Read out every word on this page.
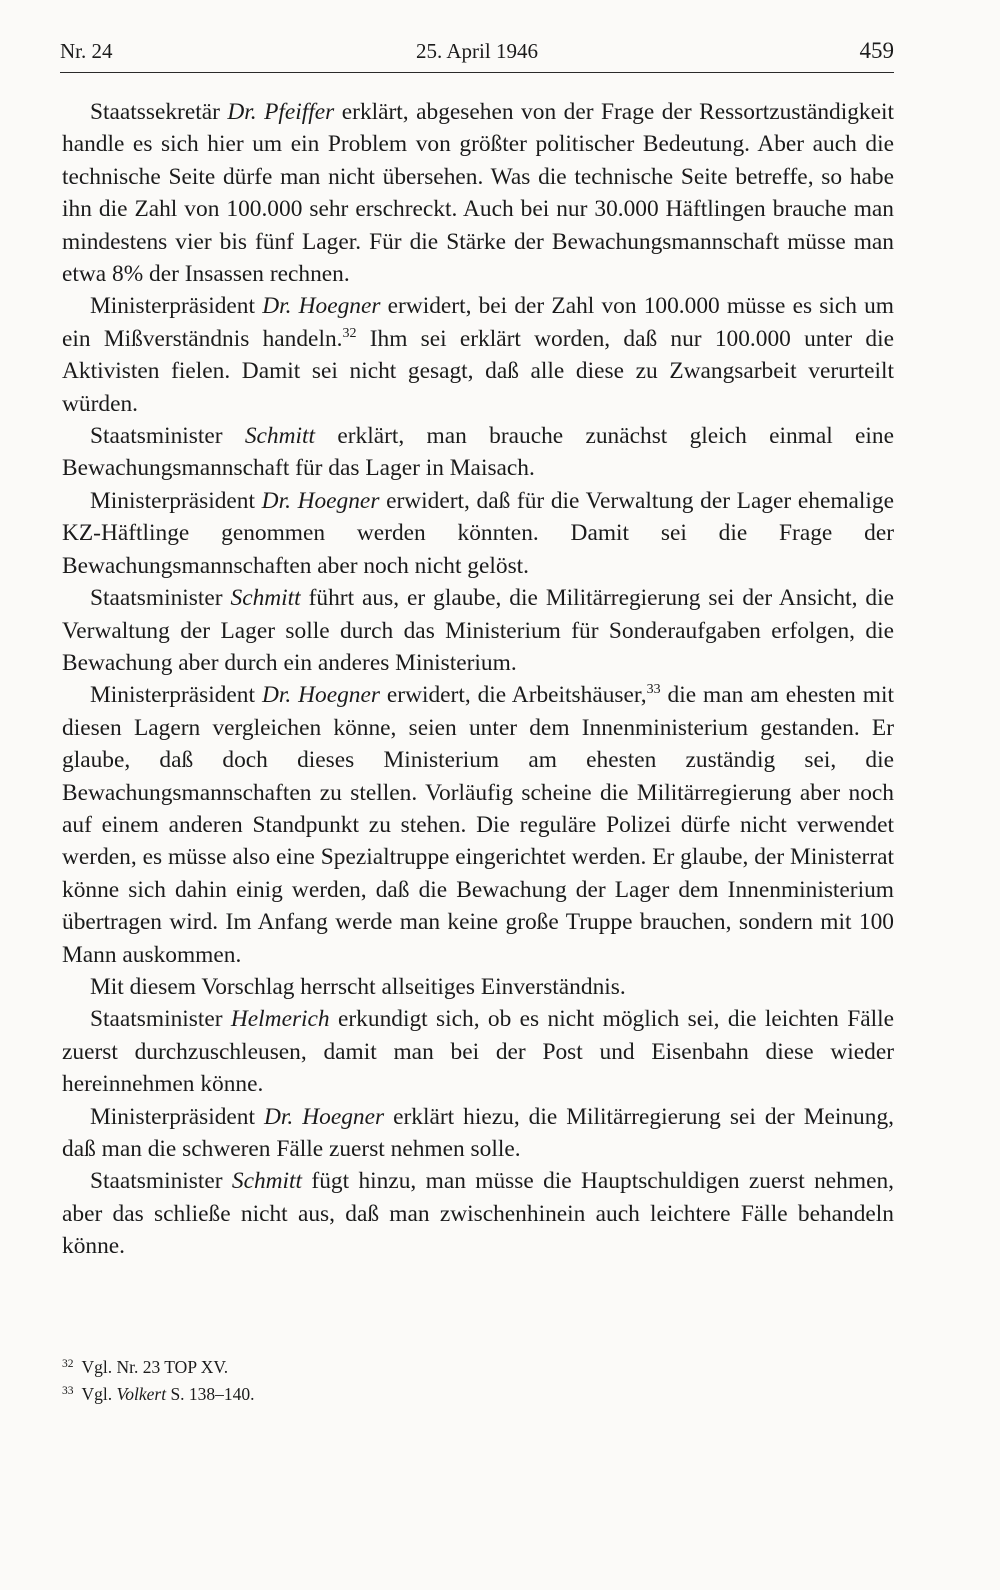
Nr. 24	25. April 1946	459

Staatssekretär Dr. Pfeiffer erklärt, abgesehen von der Frage der Ressortzuständigkeit handle es sich hier um ein Problem von größter politischer Bedeutung. Aber auch die technische Seite dürfe man nicht übersehen. Was die technische Seite betreffe, so habe ihn die Zahl von 100.000 sehr erschreckt. Auch bei nur 30.000 Häftlingen brauche man mindestens vier bis fünf Lager. Für die Stärke der Bewachungsmannschaft müsse man etwa 8% der Insassen rechnen.

Ministerpräsident Dr. Hoegner erwidert, bei der Zahl von 100.000 müsse es sich um ein Mißverständnis handeln.$^{32}$ Ihm sei erklärt worden, daß nur 100.000 unter die Aktivisten fielen. Damit sei nicht gesagt, daß alle diese zu Zwangsarbeit verurteilt würden.

Staatsminister Schmitt erklärt, man brauche zunächst gleich einmal eine Bewachungsmannschaft für das Lager in Maisach.

Ministerpräsident Dr. Hoegner erwidert, daß für die Verwaltung der Lager ehemalige KZ-Häftlinge genommen werden könnten. Damit sei die Frage der Bewachungsmannschaften aber noch nicht gelöst.

Staatsminister Schmitt führt aus, er glaube, die Militärregierung sei der Ansicht, die Verwaltung der Lager solle durch das Ministerium für Sonderaufgaben erfolgen, die Bewachung aber durch ein anderes Ministerium.

Ministerpräsident Dr. Hoegner erwidert, die Arbeitshäuser,$^{33}$ die man am ehesten mit diesen Lagern vergleichen könne, seien unter dem Innenministerium gestanden. Er glaube, daß doch dieses Ministerium am ehesten zuständig sei, die Bewachungsmannschaften zu stellen. Vorläufig scheine die Militärregierung aber noch auf einem anderen Standpunkt zu stehen. Die reguläre Polizei dürfe nicht verwendet werden, es müsse also eine Spezialtruppe eingerichtet werden. Er glaube, der Ministerrat könne sich dahin einig werden, daß die Bewachung der Lager dem Innenministerium übertragen wird. Im Anfang werde man keine große Truppe brauchen, sondern mit 100 Mann auskommen.

Mit diesem Vorschlag herrscht allseitiges Einverständnis.

Staatsminister Helmerich erkundigt sich, ob es nicht möglich sei, die leichten Fälle zuerst durchzuschleusen, damit man bei der Post und Eisenbahn diese wieder hereinnehmen könne.

Ministerpräsident Dr. Hoegner erklärt hiezu, die Militärregierung sei der Meinung, daß man die schweren Fälle zuerst nehmen solle.

Staatsminister Schmitt fügt hinzu, man müsse die Hauptschuldigen zuerst nehmen, aber das schließe nicht aus, daß man zwischenhinein auch leichtere Fälle behandeln könne.

$^{32}$ Vgl. Nr. 23 TOP XV.
$^{33}$ Vgl. Volkert S. 138–140.
